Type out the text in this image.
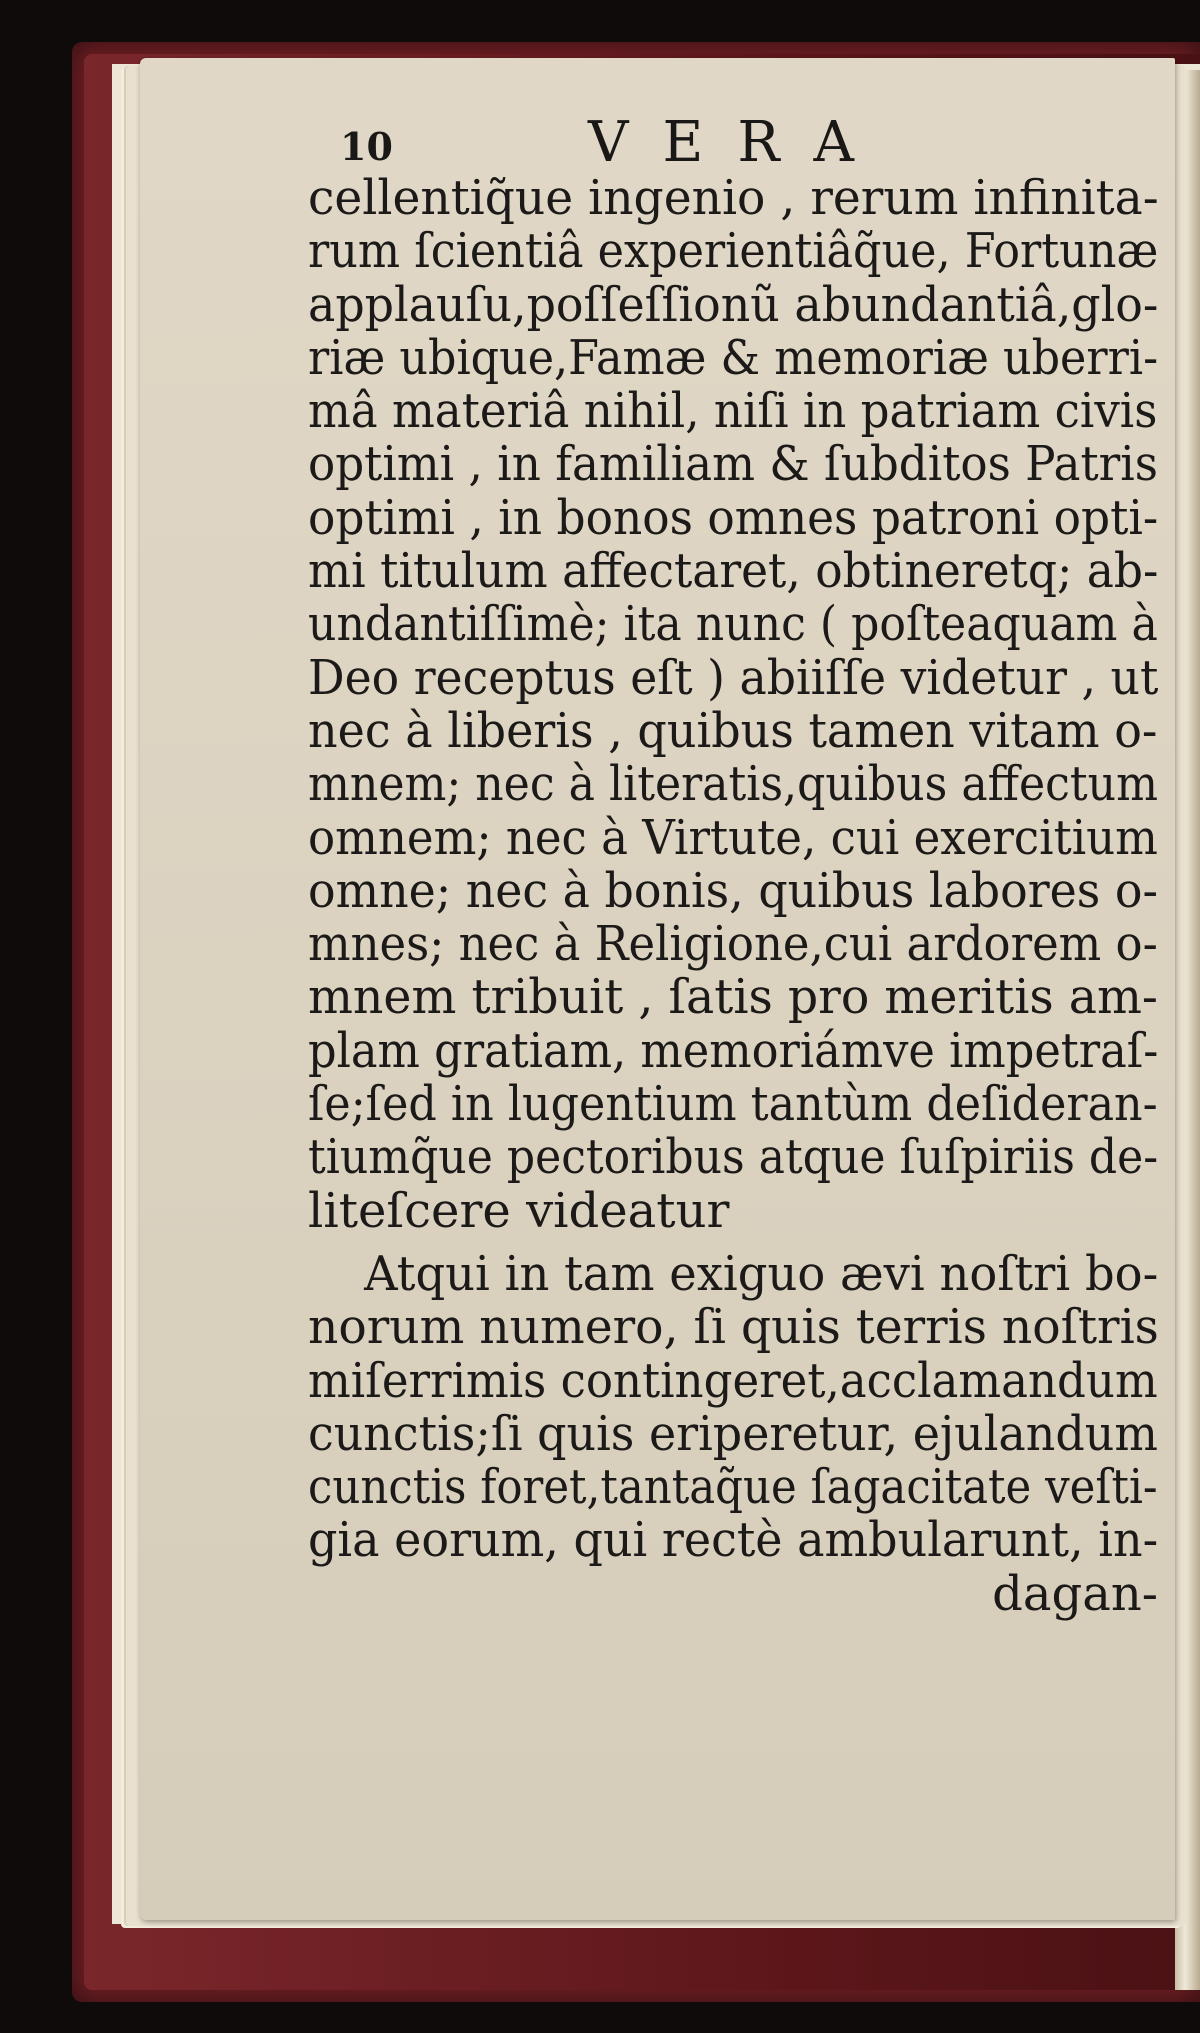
10	VERA
cellentiq̃ue ingenio , rerum infinita-
rum ſcientiâ experientiâq̃ue, Fortunæ
applauſu,poſſeſſionũ abundantiâ,glo-
riæ ubique,Famæ & memoriæ uberri-
mâ materiâ nihil, niſi in patriam civis
optimi , in familiam & ſubditos Patris
optimi , in bonos omnes patroni opti-
mi titulum affectaret, obtineretq; ab-
undantiſſimè; ita nunc ( poſteaquam à
Deo receptus eſt ) abiiſſe videtur , ut
nec à liberis , quibus tamen vitam o-
mnem; nec à literatis,quibus affectum
omnem; nec à Virtute, cui exercitium
omne; nec à bonis, quibus labores o-
mnes; nec à Religione,cui ardorem o-
mnem tribuit , ſatis pro meritis am-
plam gratiam, memoriámve impetraſ-
ſe;ſed in lugentium tantùm deſideran-
tiumq̃ue pectoribus atque ſuſpiriis de-
liteſcere videatur
Atqui in tam exiguo ævi noſtri bo-
norum numero, ſi quis terris noſtris
miſerrimis contingeret,acclamandum
cunctis;ſi quis eriperetur, ejulandum
cunctis foret,tantaq̃ue ſagacitate veſti-
gia eorum, qui rectè ambularunt, in-
dagan-
